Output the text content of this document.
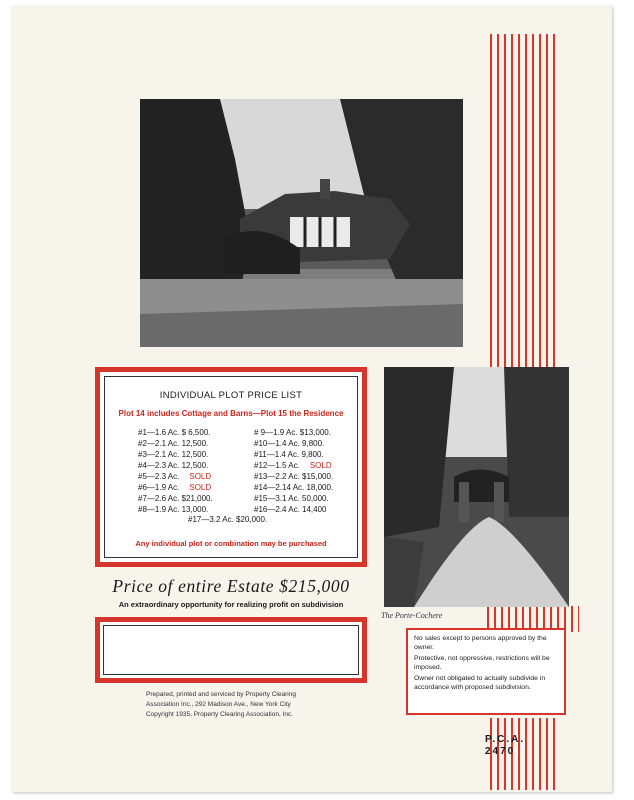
The Porte-Cochere
INDIVIDUAL PLOT PRICE LIST
Plot 14 includes Cottage and Barns—Plot 15 the Residence
#1—1.6 Ac. $ 6,500.	# 9—1.9 Ac. $13,000.
#2—2.1 Ac. 12,500.	#10—1.4 Ac. 9,800.
#3—2.1 Ac. 12,500.	#11—1.4 Ac. 9,800.
#4—2.3 Ac. 12,500.	#12—1.5 Ac. SOLD
#5—2.3 Ac. SOLD	#13—2.2 Ac. $15,000.
#6—1.9 Ac. SOLD	#14—2.14 Ac. 18,000.
#7—2.6 Ac. $21,000.	#15—3.1 Ac. 50,000.
#8—1.9 Ac. 13,000.	#16—2.4 Ac. 14,400
#17—3.2 Ac. $20,000.
Any individual plot or combination may be purchased
Price of entire Estate $215,000
An extraordinary opportunity for realizing profit on subdivision
Prepared, printed and serviced by Property Clearing
Association Inc., 292 Madison Ave., New York City
Copyright 1935, Property Clearing Association, Inc.

No sales except to persons approved by the owner.

Protective, not oppressive, restrictions will be imposed.

Owner not obligated to actually subdivide in accordance with proposed subdivision.

P.C.A.
2470
